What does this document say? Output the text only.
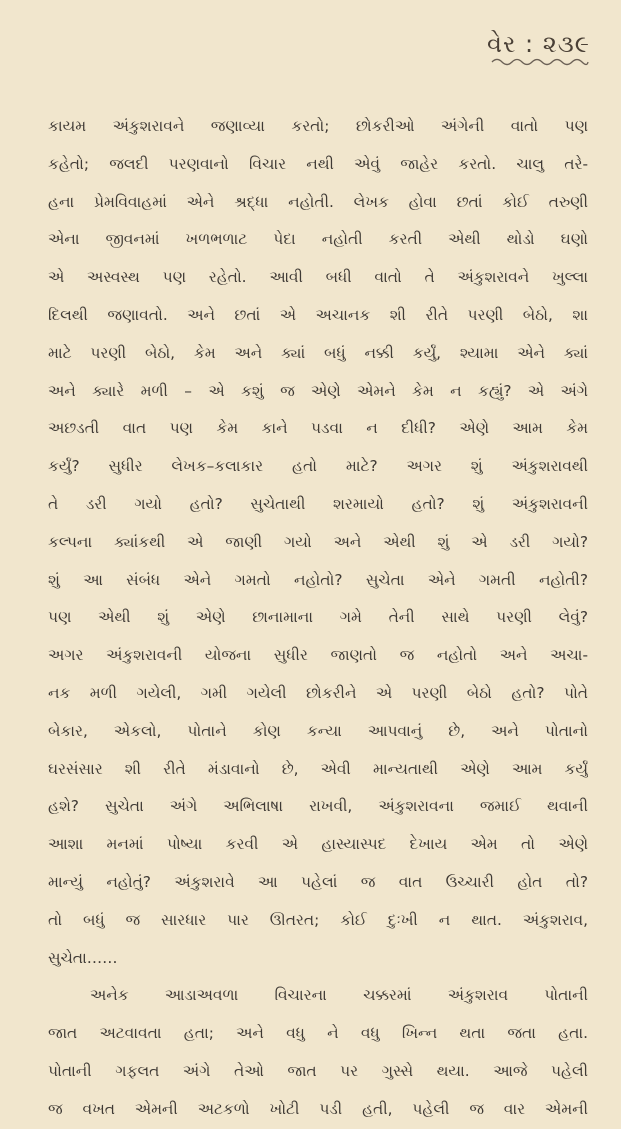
વેર : ૨૩૯
કાયમ અંકુશરાવને જણાવ્યા કરતો; છોકરીઓ અંગેની વાતો પણ
કહેતો; જલદી પરણવાનો વિચાર નથી એવું જાહેર કરતો. ચાલુ તરે-
હના પ્રેમવિવાહમાં એને શ્રદ્ધા નહોતી. લેખક હોવા છતાં કોઈ તરુણી
એના જીવનમાં ખળભળાટ પેદા નહોતી કરતી એથી થોડો ઘણો
એ અસ્વસ્થ પણ રહેતો. આવી બધી વાતો તે અંકુશરાવને ખુલ્લા
દિલથી જણાવતો. અને છતાં એ અચાનક શી રીતે પરણી બેઠો, શા
માટે પરણી બેઠો, કેમ અને ક્યાં બધું નક્કી કર્યું, શ્યામા એને ક્યાં
અને ક્યારે મળી – એ કશું જ એણે એમને કેમ ન કહ્યું? એ અંગે
અછડતી વાત પણ કેમ કાને પડવા ન દીધી? એણે આમ કેમ
કર્યું? સુધીર લેખક–કલાકાર હતો માટે? અગર શું અંકુશરાવથી
તે ડરી ગયો હતો? સુચેતાથી શરમાયો હતો? શું અંકુશરાવની
કલ્પના ક્યાંકથી એ જાણી ગયો અને એથી શું એ ડરી ગયો?
શું આ સંબંધ એને ગમતો નહોતો? સુચેતા એને ગમતી નહોતી?
પણ એથી શું એણે છાનામાના ગમે તેની સાથે પરણી લેવું?
અગર અંકુશરાવની યોજના સુધીર જાણતો જ નહોતો અને અચા-
નક મળી ગયેલી, ગમી ગયેલી છોકરીને એ પરણી બેઠો હતો? પોતે
બેકાર, એકલો, પોતાને કોણ કન્યા આપવાનું છે, અને પોતાનો
ઘરસંસાર શી રીતે મંડાવાનો છે, એવી માન્યતાથી એણે આમ કર્યું
હશે? સુચેતા અંગે અભિલાષા રાખવી, અંકુશરાવના જમાઈ થવાની
આશા મનમાં પોષ્યા કરવી એ હાસ્યાસ્પદ દેખાય એમ તો એણે
માન્યું નહોતું? અંકુશરાવે આ પહેલાં જ વાત ઉચ્ચારી હોત તો?
તો બધું જ સારધાર પાર ઊતરત; કોઈ દુઃખી ન થાત. અંકુશરાવ,
સુચેતા……
અનેક આડાઅવળા વિચારના ચક્કરમાં અંકુશરાવ પોતાની
જાત અટવાવતા હતા; અને વધુ ને વધુ ખિન્ન થતા જતા હતા.
પોતાની ગફલત અંગે તેઓ જાત પર ગુસ્સે થયા. આજે પહેલી
જ વખત એમની અટકળો ખોટી પડી હતી, પહેલી જ વાર એમની
